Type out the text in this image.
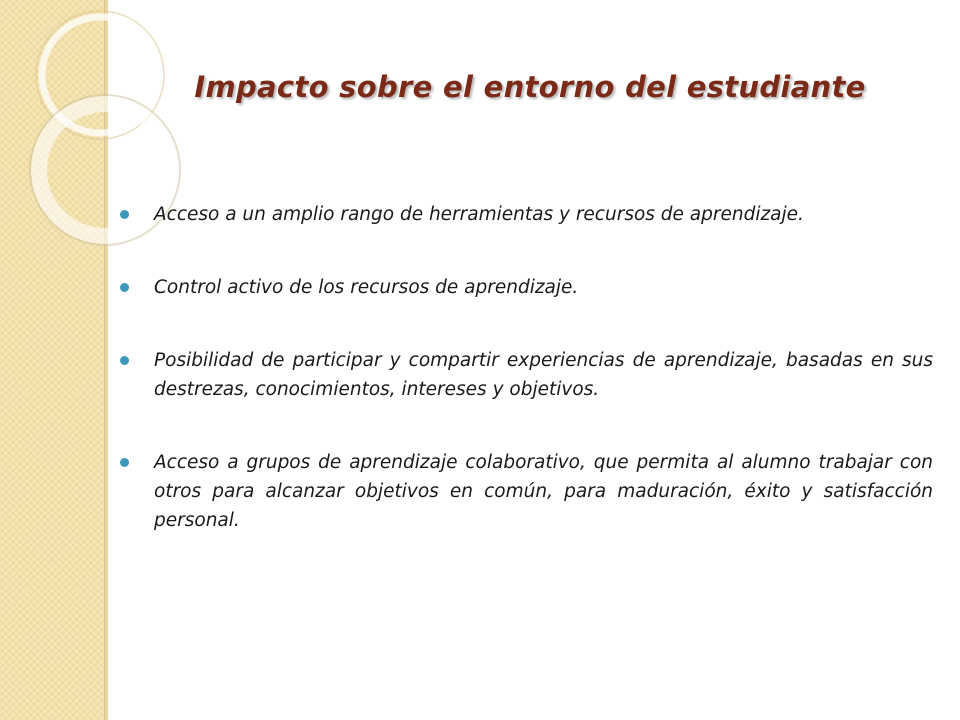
Impacto sobre el entorno del estudiante
Acceso a un amplio rango de herramientas y recursos de aprendizaje.
Control activo de los recursos de aprendizaje.
Posibilidad de participar y compartir experiencias de aprendizaje, basadas en sus destrezas, conocimientos, intereses y objetivos.
Acceso a grupos de aprendizaje colaborativo, que permita al alumno trabajar con otros para alcanzar objetivos en común, para maduración, éxito y satisfacción personal.
